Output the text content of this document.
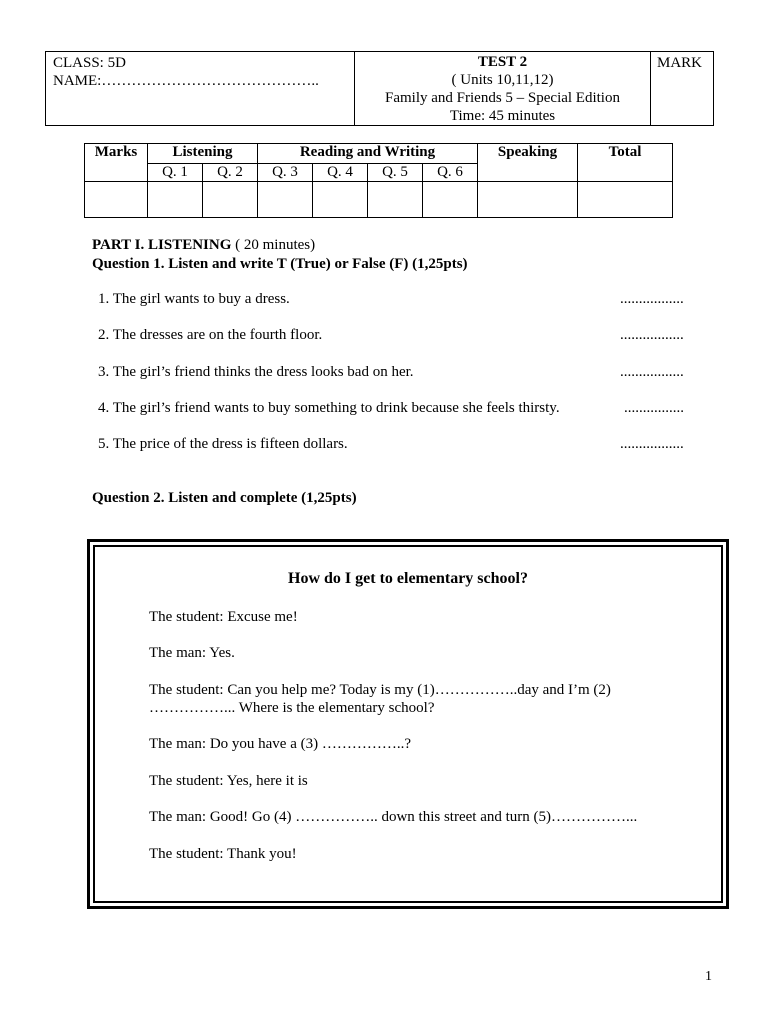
CLASS: 5D
NAME:……………………………………..

TEST 2
( Units 10,11,12)
Family and Friends 5 – Special Edition
Time: 45 minutes

MARK
Marks	Listening		Reading and Writing				Speaking	Total
	Q. 1	Q. 2	Q. 3	Q. 4	Q. 5	Q. 6		

PART I. LISTENING ( 20 minutes)
Question 1. Listen and write T (True) or False (F) (1,25pts)
1. The girl wants to buy a dress.	.................
2. The dresses are on the fourth floor.	.................
3. The girl’s friend thinks the dress looks bad on her.	.................
4. The girl’s friend wants to buy something to drink because she feels thirsty.	................
5. The price of the dress is fifteen dollars.	.................
Question 2. Listen and complete (1,25pts)
How do I get to elementary school?
The student: Excuse me!
The man: Yes.
The student: Can you help me? Today is my (1)……………..day and I’m (2)
……………... Where is the elementary school?
The man: Do you have a (3) ……………..?
The student: Yes, here it is
The man: Good! Go (4) …………….. down this street and turn (5)……………...
The student: Thank you!
1
